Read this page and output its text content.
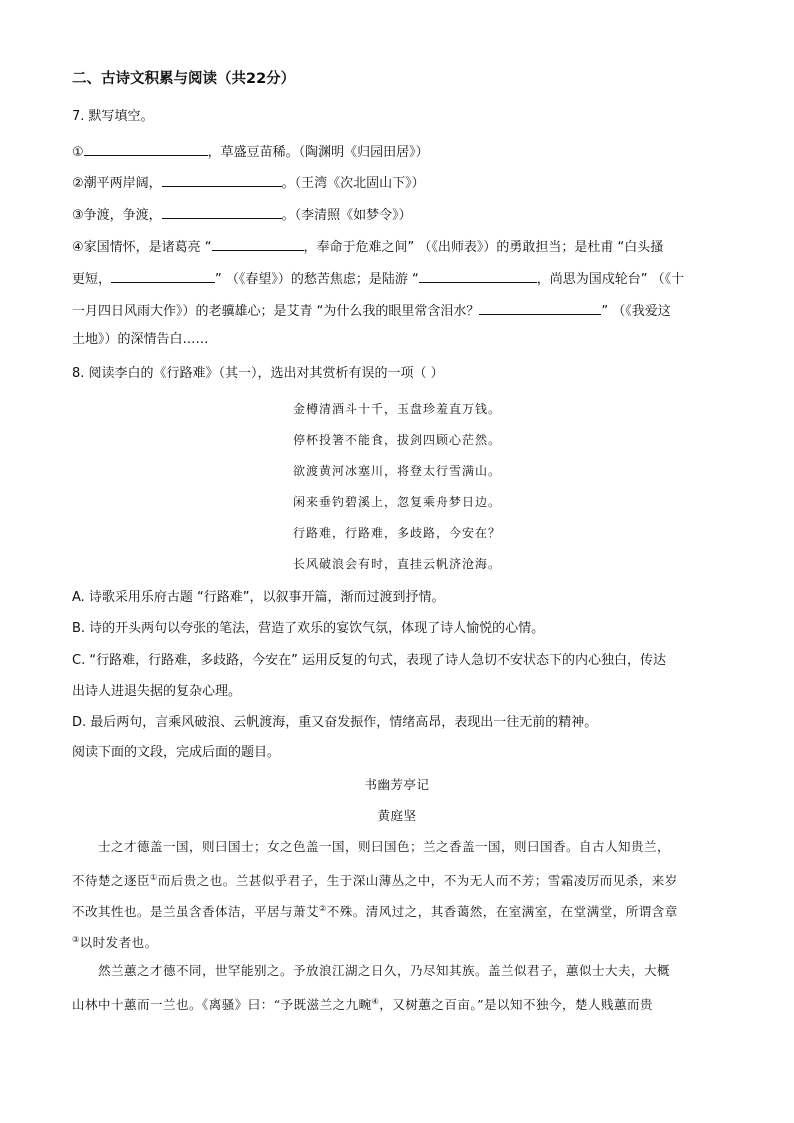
二、古诗文积累与阅读（共22分）
7. 默写填空。
①	，草盛豆苗稀。（陶渊明《归园田居》）
②潮平两岸阔，	。（王湾《次北固山下》）
③争渡，争渡，	。（李清照《如梦令》）
④家国情怀，是诸葛亮 “	，奉命于危难之间” （《出师表》）的勇敢担当；是杜甫 “白头搔
更短，	” （《春望》）的愁苦焦虑；是陆游 “	，尚思为国戍轮台” （《十
一月四日风雨大作》）的老骥雄心；是艾青 “为什么我的眼里常含泪水？	” （《我爱这
土地》）的深情告白……
8. 阅读李白的《行路难》（其一），选出对其赏析有误的一项（ ）
金樽清酒斗十千，玉盘珍羞直万钱。
停杯投箸不能食，拔剑四顾心茫然。
欲渡黄河冰塞川，将登太行雪满山。
闲来垂钓碧溪上，忽复乘舟梦日边。
行路难，行路难，多歧路，今安在？
长风破浪会有时，直挂云帆济沧海。
A. 诗歌采用乐府古题 “行路难”，以叙事开篇，渐而过渡到抒情。
B. 诗的开头两句以夸张的笔法，营造了欢乐的宴饮气氛，体现了诗人愉悦的心情。
C. “行路难，行路难，多歧路，今安在” 运用反复的句式，表现了诗人急切不安状态下的内心独白，传达
出诗人进退失据的复杂心理。
D. 最后两句，言乘风破浪、云帆渡海，重又奋发振作，情绪高昂，表现出一往无前的精神。
阅读下面的文段，完成后面的题目。
书幽芳亭记
黄庭坚
士之才德盖一国，则曰国士；女之色盖一国，则曰国色；兰之香盖一国，则曰国香。自古人知贵兰，
不待楚之逐臣①而后贵之也。兰甚似乎君子，生于深山薄丛之中，不为无人而不芳；雪霜凌厉而见杀，来岁
不改其性也。是兰虽含香体洁，平居与萧艾②不殊。清风过之，其香蔼然，在室满室，在堂满堂，所谓含章
③以时发者也。
然兰蕙之才德不同，世罕能别之。予放浪江湖之日久，乃尽知其族。盖兰似君子，蕙似士大夫，大概
山林中十蕙而一兰也。《离骚》曰：“予既滋兰之九畹④，又树蕙之百亩。”是以知不独今，楚人贱蕙而贵
